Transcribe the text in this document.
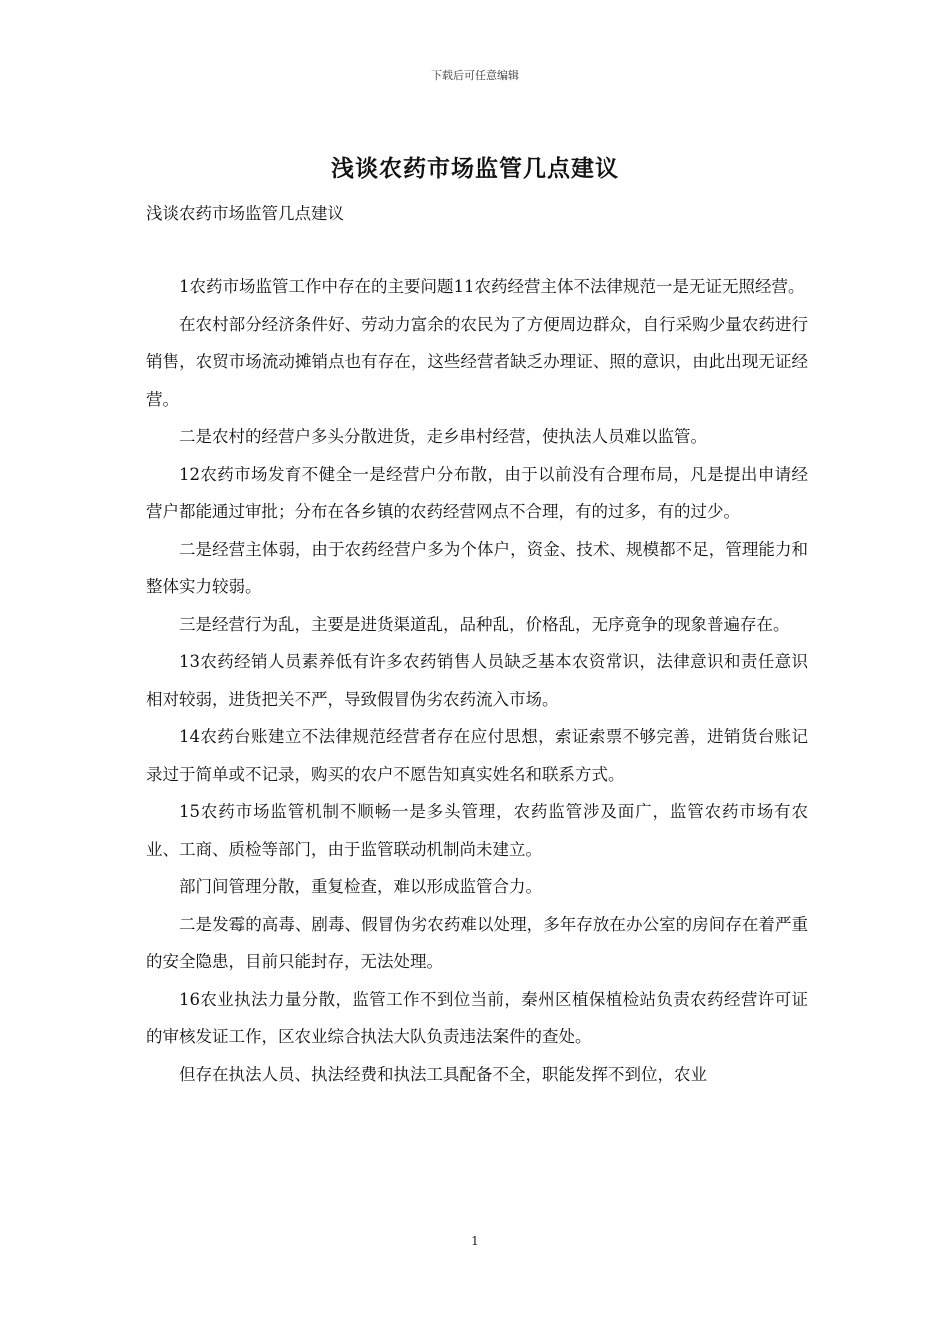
下载后可任意编辑
浅谈农药市场监管几点建议

浅谈农药市场监管几点建议

1农药市场监管工作中存在的主要问题11农药经营主体不法律规范一是无证无照经营。

在农村部分经济条件好、劳动力富余的农民为了方便周边群众，自行采购少量农药进行销售，农贸市场流动摊销点也有存在，这些经营者缺乏办理证、照的意识，由此出现无证经营。

二是农村的经营户多头分散进货，走乡串村经营，使执法人员难以监管。

12农药市场发育不健全一是经营户分布散，由于以前没有合理布局，凡是提出申请经营户都能通过审批；分布在各乡镇的农药经营网点不合理，有的过多，有的过少。

二是经营主体弱，由于农药经营户多为个体户，资金、技术、规模都不足，管理能力和整体实力较弱。

三是经营行为乱，主要是进货渠道乱，品种乱，价格乱，无序竟争的现象普遍存在。

13农药经销人员素养低有许多农药销售人员缺乏基本农资常识，法律意识和责任意识相对较弱，进货把关不严，导致假冒伪劣农药流入市场。

14农药台账建立不法律规范经营者存在应付思想，索证索票不够完善，进销货台账记录过于简单或不记录，购买的农户不愿告知真实姓名和联系方式。

15农药市场监管机制不顺畅一是多头管理，农药监管涉及面广，监管农药市场有农业、工商、质检等部门，由于监管联动机制尚未建立。

部门间管理分散，重复检查，难以形成监管合力。

二是发霉的高毒、剧毒、假冒伪劣农药难以处理，多年存放在办公室的房间存在着严重的安全隐患，目前只能封存，无法处理。

16农业执法力量分散，监管工作不到位当前，秦州区植保植检站负责农药经营许可证的审核发证工作，区农业综合执法大队负责违法案件的查处。

但存在执法人员、执法经费和执法工具配备不全，职能发挥不到位，农业

1
